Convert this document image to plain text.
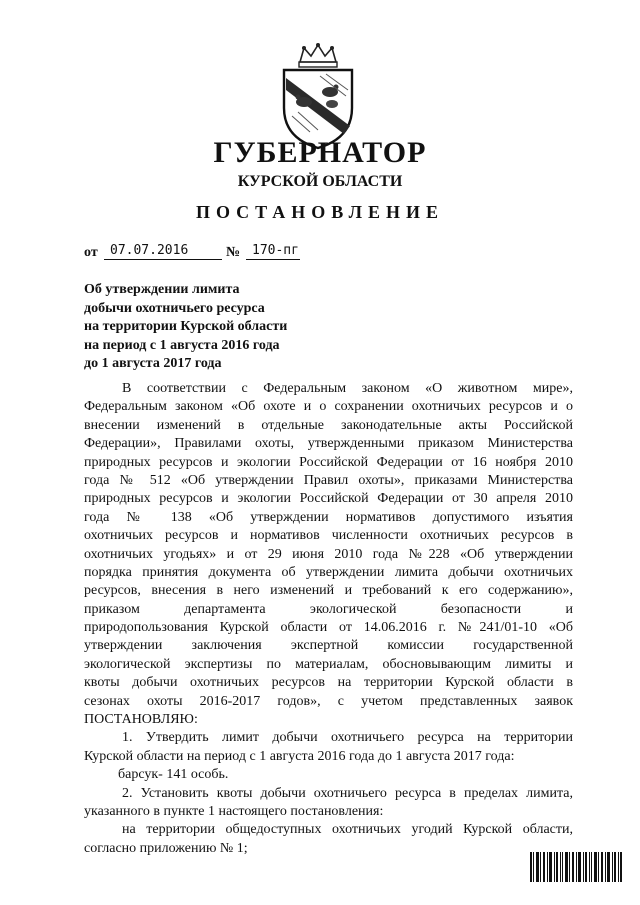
ГУБЕРНАТОР
КУРСКОЙ ОБЛАСТИ
ПОСТАНОВЛЕНИЕ
от 07.07.2016	№ 170-пг
Об утверждении лимита
добычи охотничьего ресурса
на территории Курской области
на период с 1 августа 2016 года
до 1 августа 2017 года
В соответствии с Федеральным законом «О животном мире»,
Федеральным законом «Об охоте и о сохранении охотничьих ресурсов и о
внесении изменений в отдельные законодательные акты Российской
Федерации», Правилами охоты, утвержденными приказом Министерства
природных ресурсов и экологии Российской Федерации от 16 ноября 2010
года № 512 «Об утверждении Правил охоты», приказами Министерства
природных ресурсов и экологии Российской Федерации от 30 апреля 2010
года № 138 «Об утверждении нормативов допустимого изъятия
охотничьих ресурсов и нормативов численности охотничьих ресурсов в
охотничьих угодьях» и от 29 июня 2010 года №228 «Об утверждении
порядка принятия документа об утверждении лимита добычи охотничьих
ресурсов, внесения в него изменений и требований к его содержанию»,
приказом департамента экологической безопасности и
природопользования Курской области от 14.06.2016 г. №241/01-10 «Об
утверждении заключения экспертной комиссии государственной
экологической экспертизы по материалам, обосновывающим лимиты и
квоты добычи охотничьих ресурсов на территории Курской области в
сезонах охоты 2016-2017 годов», с учетом представленных заявок
ПОСТАНОВЛЯЮ:
1. Утвердить лимит добычи охотничьего ресурса на территории
Курской области на период с 1 августа 2016 года до 1 августа 2017 года:
барсук- 141 особь.
2. Установить квоты добычи охотничьего ресурса в пределах лимита,
указанного в пункте 1 настоящего постановления:
на территории общедоступных охотничьих угодий Курской области,
согласно приложению № 1;
